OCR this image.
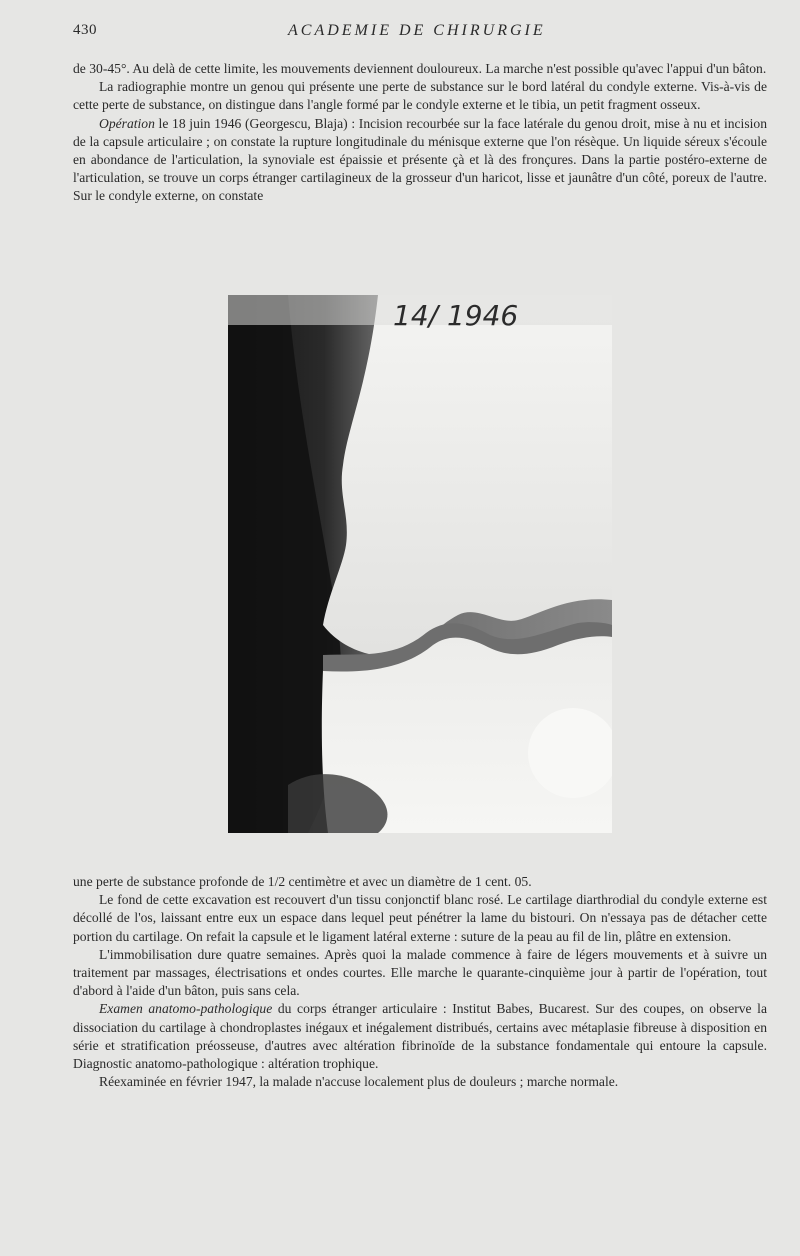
430	ACADEMIE DE CHIRURGIE

de 30-45°. Au delà de cette limite, les mouvements deviennent douloureux. La marche n'est possible qu'avec l'appui d'un bâton.

La radiographie montre un genou qui présente une perte de substance sur le bord latéral du condyle externe. Vis-à-vis de cette perte de substance, on distingue dans l'angle formé par le condyle externe et le tibia, un petit fragment osseux.

Opération le 18 juin 1946 (Georgescu, Blaja) : Incision recourbée sur la face latérale du genou droit, mise à nu et incision de la capsule articulaire ; on constate la rupture longitudinale du ménisque externe que l'on résèque. Un liquide séreux s'écoule en abondance de l'articulation, la synoviale est épaissie et présente çà et là des fronçures. Dans la partie postéro-externe de l'articulation, se trouve un corps étranger cartilagineux de la grosseur d'un haricot, lisse et jaunâtre d'un côté, poreux de l'autre. Sur le condyle externe, on constate

14/ 1946

une perte de substance profonde de 1/2 centimètre et avec un diamètre de 1 cent. 05.

Le fond de cette excavation est recouvert d'un tissu conjonctif blanc rosé. Le cartilage diarthrodial du condyle externe est décollé de l'os, laissant entre eux un espace dans lequel peut pénétrer la lame du bistouri. On n'essaya pas de détacher cette portion du cartilage. On refait la capsule et le ligament latéral externe : suture de la peau au fil de lin, plâtre en extension.

L'immobilisation dure quatre semaines. Après quoi la malade commence à faire de légers mouvements et à suivre un traitement par massages, électrisations et ondes courtes. Elle marche le quarante-cinquième jour à partir de l'opération, tout d'abord à l'aide d'un bâton, puis sans cela.

Examen anatomo-pathologique du corps étranger articulaire : Institut Babes, Bucarest. Sur des coupes, on observe la dissociation du cartilage à chondroplastes inégaux et inégalement distribués, certains avec métaplasie fibreuse à disposition en série et stratification préosseuse, d'autres avec altération fibrinoïde de la substance fondamentale qui entoure la capsule. Diagnostic anatomo-pathologique : altération trophique.

Réexaminée en février 1947, la malade n'accuse localement plus de douleurs ; marche normale.
